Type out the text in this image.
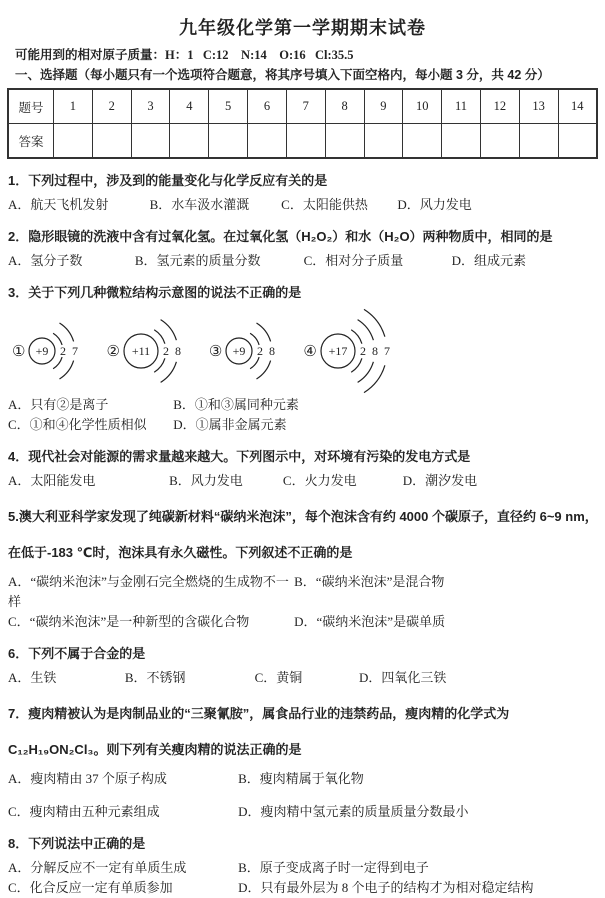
九年级化学第一学期期末试卷
可能用到的相对原子质量：H：1   C:12    N:14    O:16   Cl:35.5
一、选择题（每小题只有一个选项符合题意，将其序号填入下面空格内，每小题 3 分，共 42 分）
题号	1	2	3	4	5	6	7	8	9	10	11	12	13	14
答案														
1．下列过程中，涉及到的能量变化与化学反应有关的是
A．航天飞机发射	B．水车汲水灌溉	C．太阳能供热	D．风力发电
2．隐形眼镜的洗液中含有过氧化氢。在过氧化氢（H₂O₂）和水（H₂O）两种物质中，相同的是
A．氢分子数	B．氢元素的质量分数	C．相对分子质量	D．组成元素
3．关于下列几种微粒结构示意图的说法不正确的是
① +9 2 7 ② +11 2 8 ③ +9 2 8 ④ +17 2 8 7
A．只有②是离子	B．①和③属同种元素
C．①和④化学性质相似	D．①属非金属元素
4．现代社会对能源的需求量越来越大。下列图示中，对环境有污染的发电方式是
A．太阳能发电	B．风力发电	C．火力发电	D．潮汐发电
5.澳大利亚科学家发现了纯碳新材料“碳纳米泡沫”，每个泡沫含有约 4000 个碳原子，直径约 6~9 nm，在低于-183 ℃时，泡沫具有永久磁性。下列叙述不正确的是
A．“碳纳米泡沫”与金刚石完全燃烧的生成物不一样
B．“碳纳米泡沫”是混合物
C．“碳纳米泡沫”是一种新型的含碳化合物	D．“碳纳米泡沫”是碳单质
6．下列不属于合金的是
A．生铁	B．不锈钢	C．黄铜	D．四氧化三铁
7．瘦肉精被认为是肉制品业的“三聚氰胺”，属食品行业的违禁药品，瘦肉精的化学式为 C₁₂H₁₉ON₂Cl₃。则下列有关瘦肉精的说法正确的是
A．瘦肉精由 37 个原子构成	B．瘦肉精属于氧化物
C．瘦肉精由五种元素组成	D．瘦肉精中氢元素的质量质量分数最小
8．下列说法中正确的是
A．分解反应不一定有单质生成	B．原子变成离子时一定得到电子
C．化合反应一定有单质参加	D．只有最外层为 8 个电子的结构才为相对稳定结构
